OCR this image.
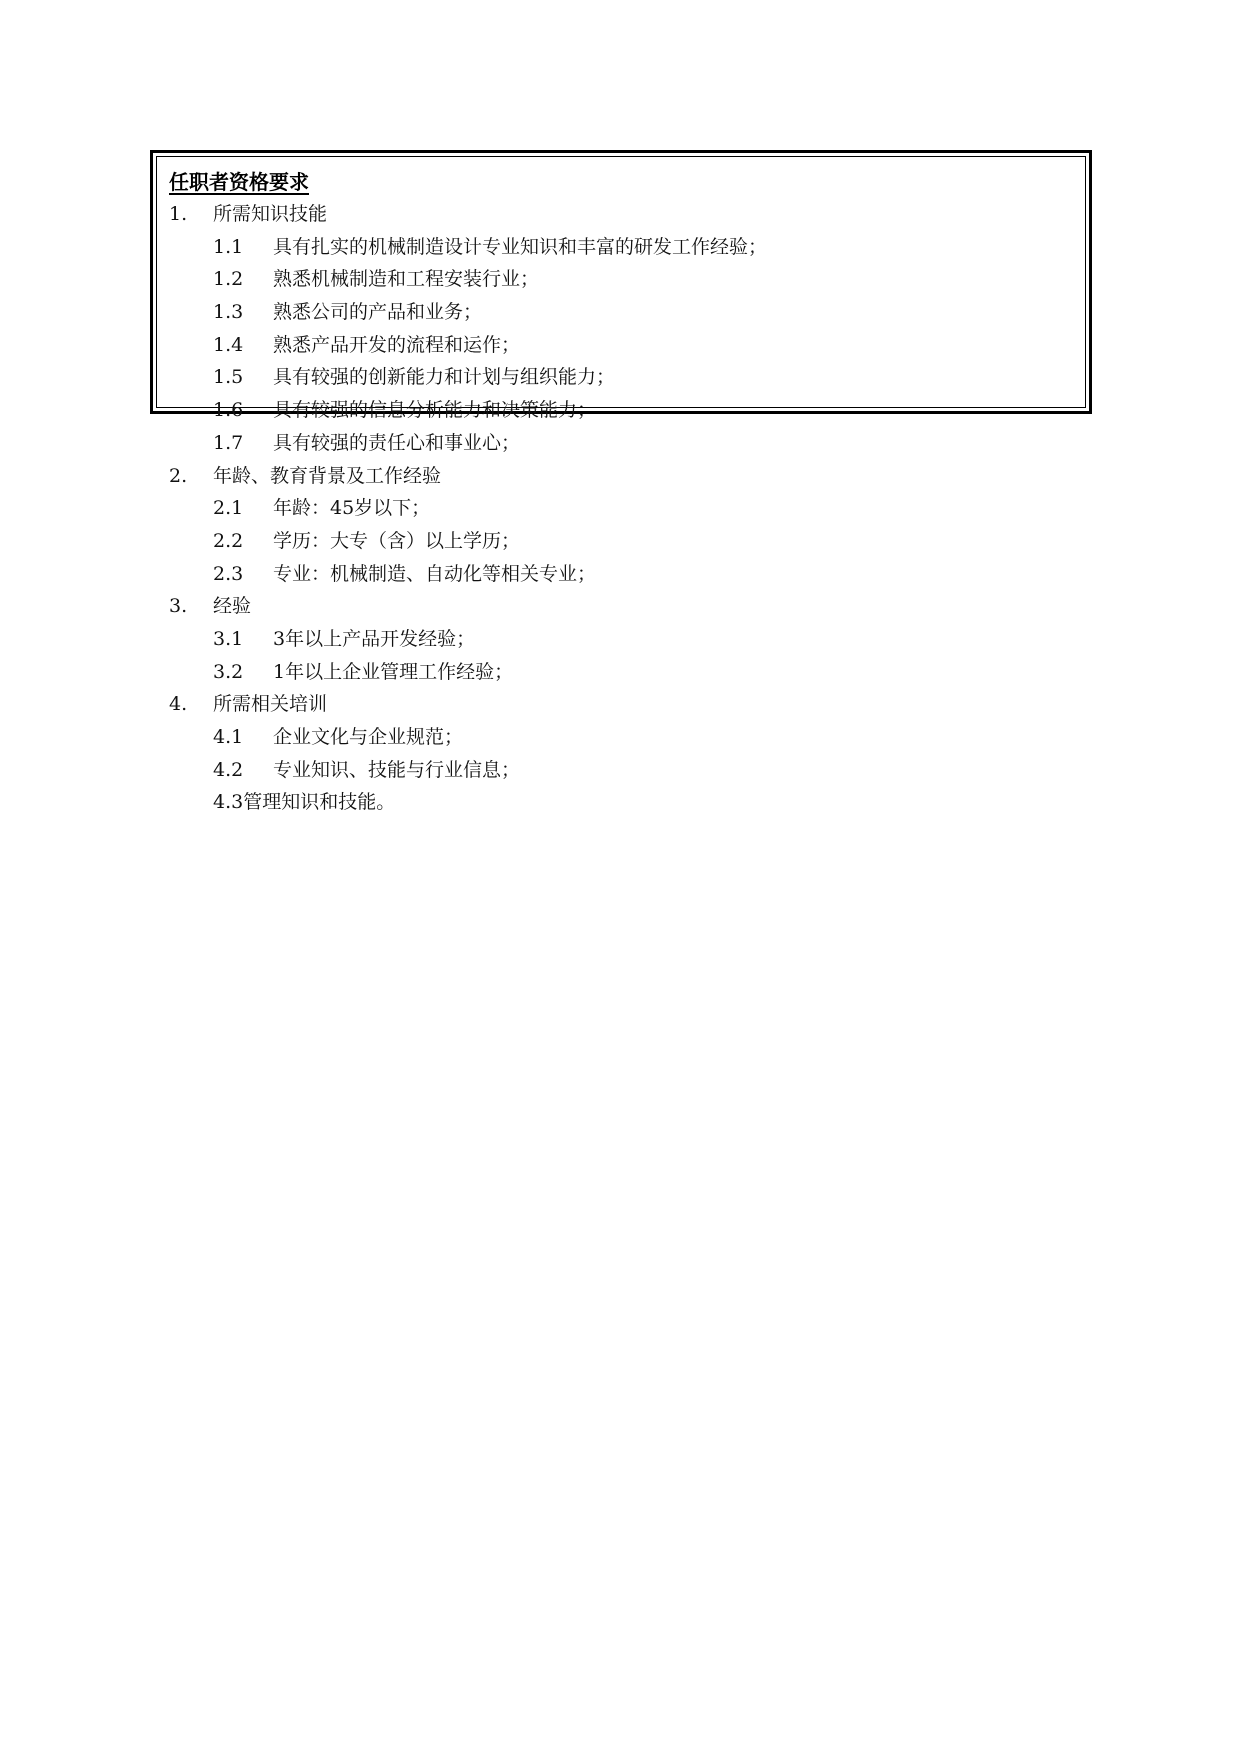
任职者资格要求
1.	所需知识技能
1.1	具有扎实的机械制造设计专业知识和丰富的研发工作经验；
1.2	熟悉机械制造和工程安装行业；
1.3	熟悉公司的产品和业务；
1.4	熟悉产品开发的流程和运作；
1.5	具有较强的创新能力和计划与组织能力；
1.6	具有较强的信息分析能力和决策能力；
1.7	具有较强的责任心和事业心；
2.	年龄、教育背景及工作经验
2.1	年龄：45岁以下；
2.2	学历：大专（含）以上学历；
2.3	专业：机械制造、自动化等相关专业；
3.	经验
3.1	3年以上产品开发经验；
3.2	1年以上企业管理工作经验；
4.	所需相关培训
4.1	企业文化与企业规范；
4.2	专业知识、技能与行业信息；
4.3 管理知识和技能。
